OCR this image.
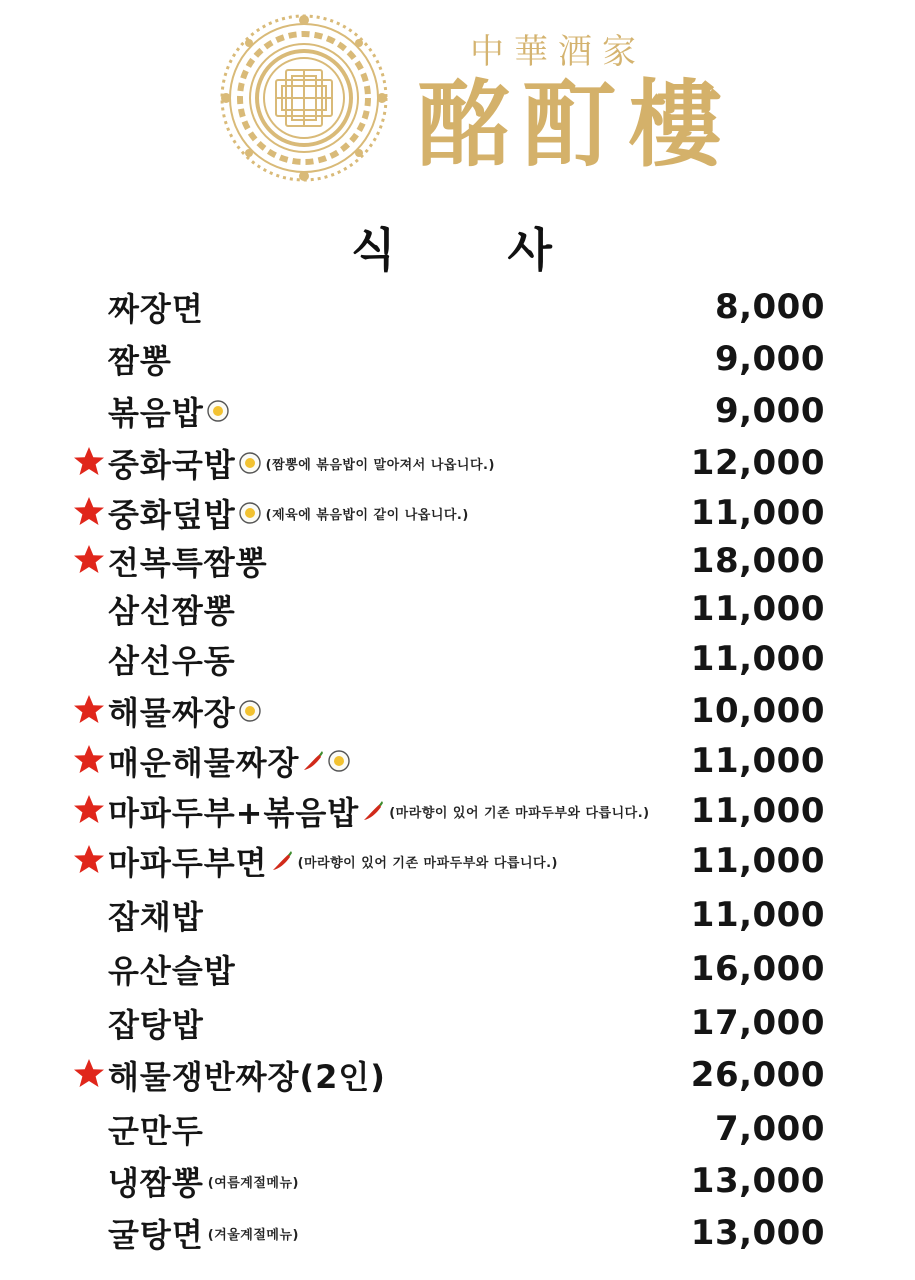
中華酒家
酩酊樓
식 사
짜장면	8,000
짬뽕	9,000
볶음밥	9,000
중화국밥 (짬뽕에 볶음밥이 말아져서 나옵니다.)	12,000
중화덮밥 (제육에 볶음밥이 같이 나옵니다.)	11,000
전복특짬뽕	18,000
삼선짬뽕	11,000
삼선우동	11,000
해물짜장	10,000
매운해물짜장	11,000
마파두부+볶음밥 (마라향이 있어 기존 마파두부와 다릅니다.) 11,000
마파두부면 (마라향이 있어 기존 마파두부와 다릅니다.)	11,000
잡채밥	11,000
유산슬밥	16,000
잡탕밥	17,000
해물쟁반짜장(2인)	26,000
군만두	7,000
냉짬뽕 (여름계절메뉴)	13,000
굴탕면 (겨울계절메뉴)	13,000
